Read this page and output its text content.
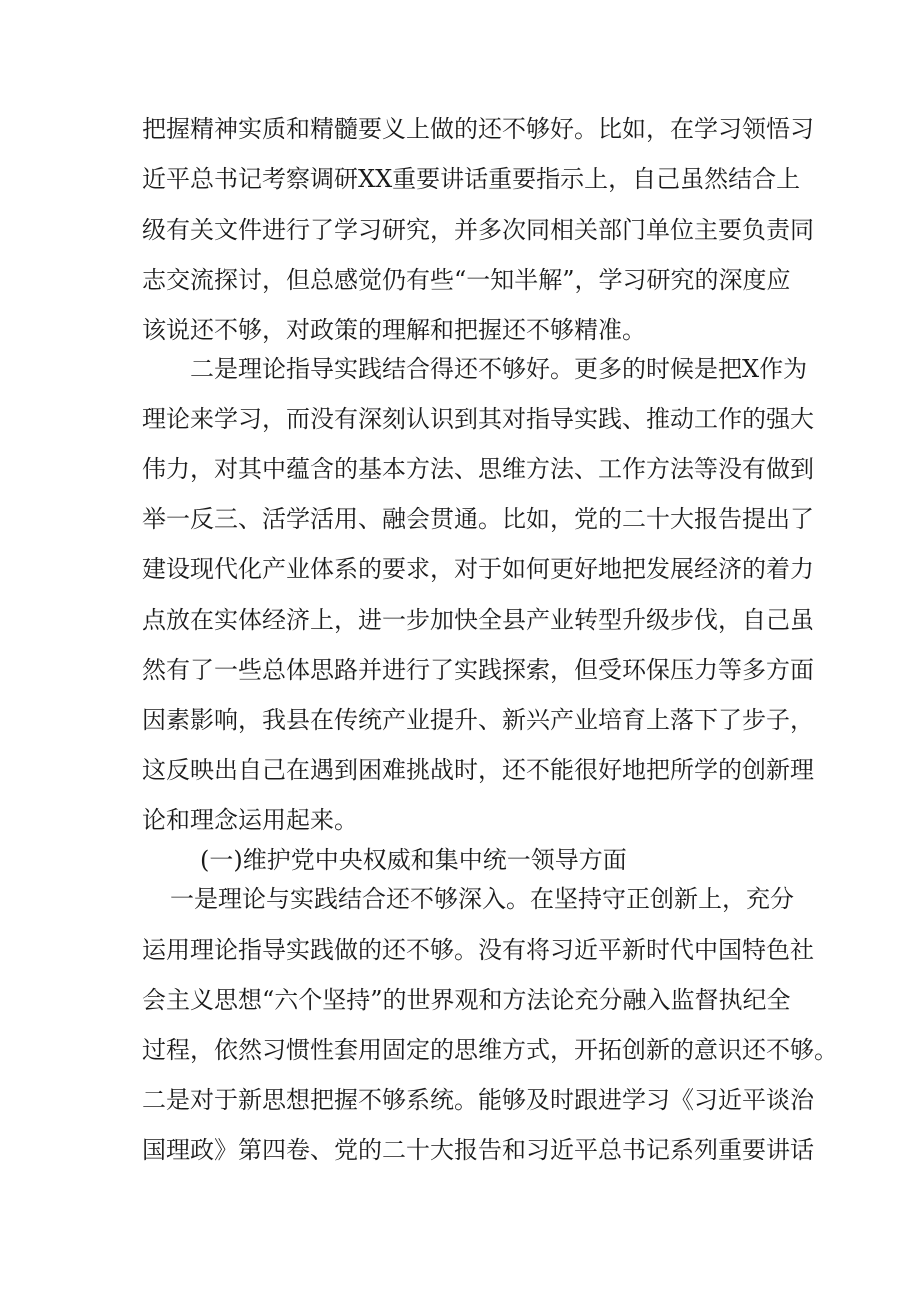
把握精神实质和精髓要义上做的还不够好。比如，在学习领悟习
近平总书记考察调研XX重要讲话重要指示上，自己虽然结合上
级有关文件进行了学习研究，并多次同相关部门单位主要负责同
志交流探讨，但总感觉仍有些“一知半解”，学习研究的深度应
该说还不够，对政策的理解和把握还不够精准。
二是理论指导实践结合得还不够好。更多的时候是把X作为
理论来学习，而没有深刻认识到其对指导实践、推动工作的强大
伟力，对其中蕴含的基本方法、思维方法、工作方法等没有做到
举一反三、活学活用、融会贯通。比如，党的二十大报告提出了
建设现代化产业体系的要求，对于如何更好地把发展经济的着力
点放在实体经济上，进一步加快全县产业转型升级步伐，自己虽
然有了一些总体思路并进行了实践探索，但受环保压力等多方面
因素影响，我县在传统产业提升、新兴产业培育上落下了步子，
这反映出自己在遇到困难挑战时，还不能很好地把所学的创新理
论和理念运用起来。
(一)维护党中央权威和集中统一领导方面
一是理论与实践结合还不够深入。在坚持守正创新上，充分
运用理论指导实践做的还不够。没有将习近平新时代中国特色社
会主义思想“六个坚持”的世界观和方法论充分融入监督执纪全
过程，依然习惯性套用固定的思维方式，开拓创新的意识还不够。
二是对于新思想把握不够系统。能够及时跟进学习《习近平谈治
国理政》第四卷、党的二十大报告和习近平总书记系列重要讲话
